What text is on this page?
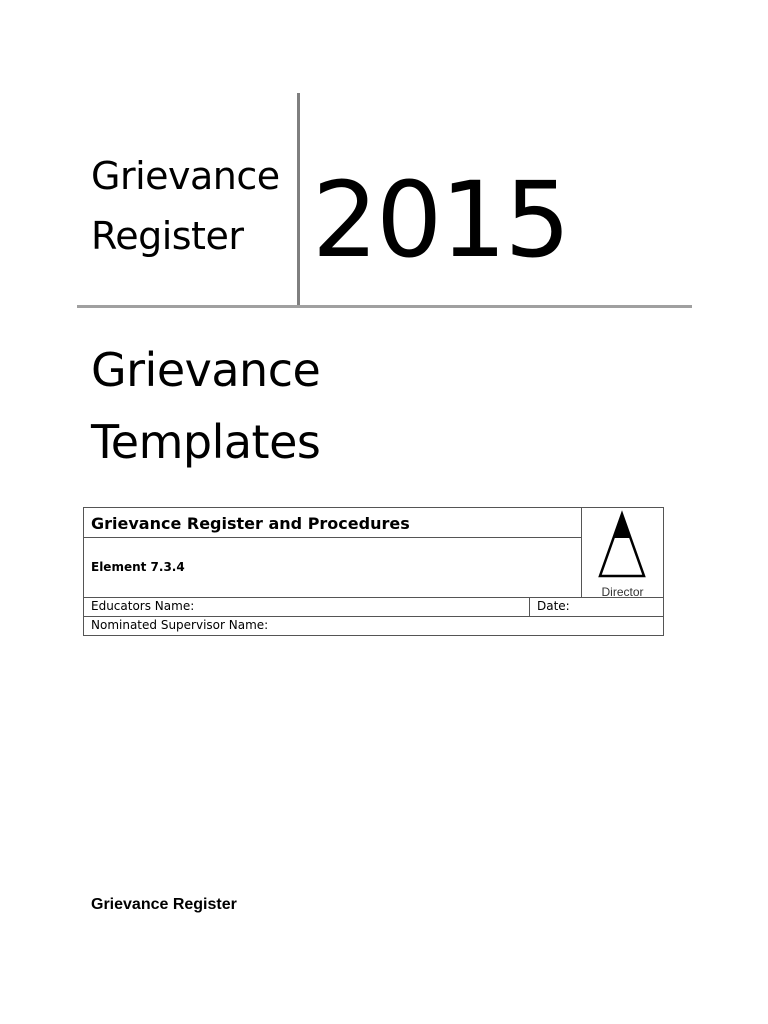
Grievance
Register 2015
Grievance
Templates
Grievance Register and Procedures
Element 7.3.4
Director
Educators Name:	Date:
Nominated Supervisor Name:
Grievance Register
